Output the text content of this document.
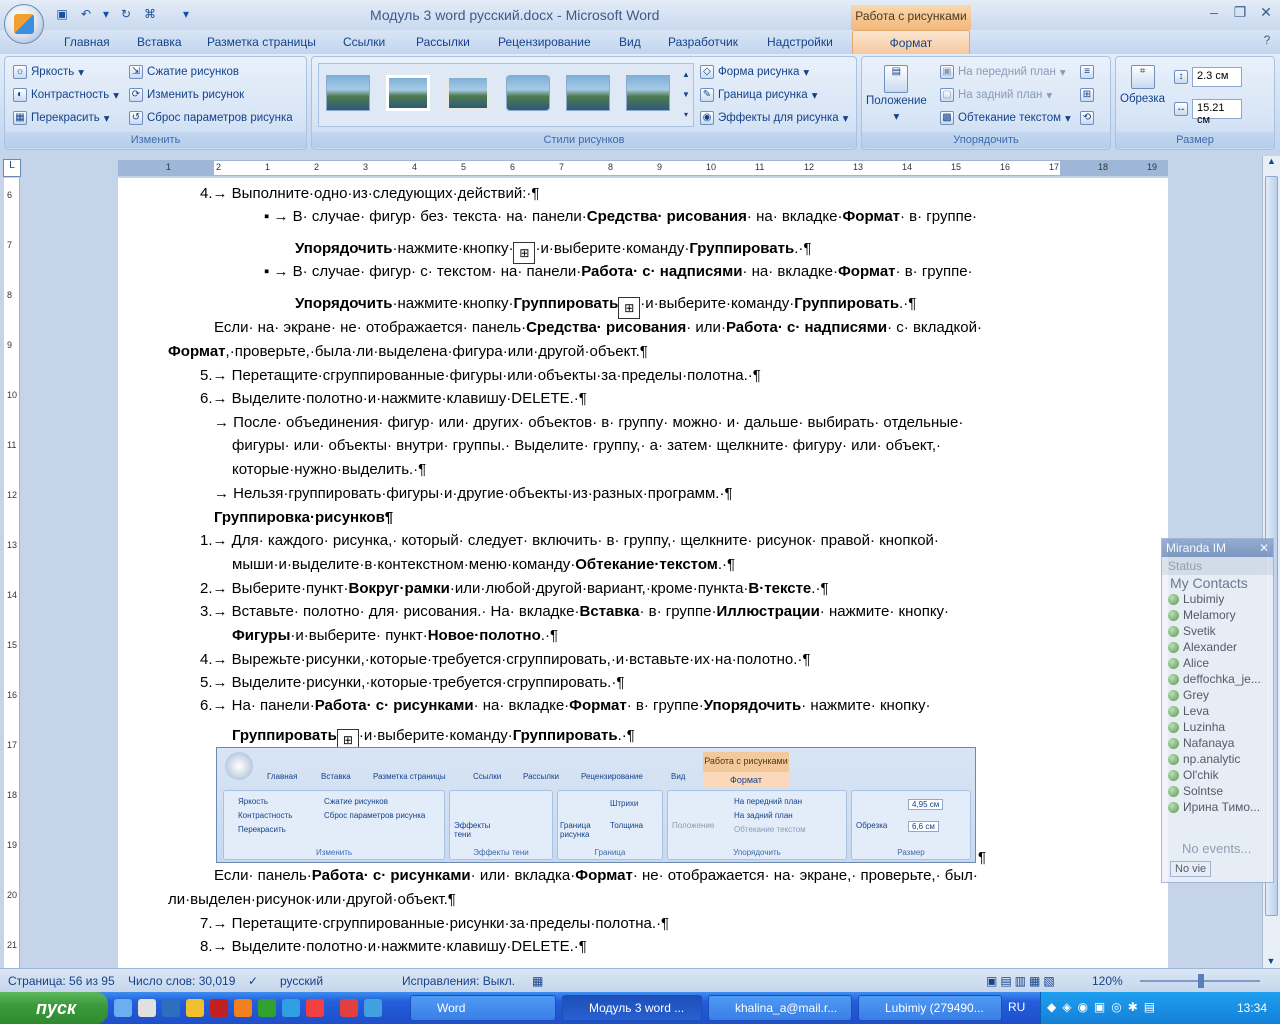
▣ ↶ ▾ ↻ ⌘	▾	Модуль 3 word русский.docx - Microsoft Word	Работа с рисунками	–	❐ ✕
Главная Вставка Разметка страницы Ссылки	Рассылки Рецензирование Вид Разработчик Надстройки	Формат	?
☼ Яркость ▾
◐ Контрастность ▾
▦ Перекрасить ▾
⇲ Сжатие рисунков
⟳ Изменить рисунок
↺ Сброс параметров рисунка
Изменить
▲
▼
▾
◇ Форма рисунка ▾
✎ Граница рисунка ▾
◉ Эффекты для рисунка ▾
Стили рисунков
▤
Положение
▾
▣ На передний план ▾
▢ На задний план ▾
▩ Обтекание текстом ▾
≡
⊞
⟲
Упорядочить
⌗
Обрезка
↕	2.3 см
↔	15.21 см
Размер
L	1	2	1	2	3	4	5	6	7	8	9	10	11	12	13	14	15	16	17	18	19
6
7
8
9
10
11
12
13
14
15
16
17
18
19
20
21
▲
▼
4.→ Выполните·одно·из·следующих·действий:·¶
▪ → В· случае· фигур· без· текста· на· панели·Средства· рисования· на· вкладке·Формат· в· группе·
Упорядочить·нажмите·кнопку· ⊞ ·и·выберите·команду·Группировать.·¶
▪ → В· случае· фигур· с· текстом· на· панели·Работа· с· надписями· на· вкладке·Формат· в· группе·
Упорядочить·нажмите·кнопку·Группировать ⊞ ·и·выберите·команду·Группировать.·¶
Если· на· экране· не· отображается· панель·Средства· рисования· или·Работа· с· надписями· с· вкладкой·
Формат,·проверьте,·была·ли·выделена·фигура·или·другой·объект.¶
5.→ Перетащите·сгруппированные·фигуры·или·объекты·за·пределы·полотна.·¶
6.→ Выделите·полотно·и·нажмите·клавишу·DELETE.·¶
→ После· объединения· фигур· или· других· объектов· в· группу· можно· и· дальше· выбирать· отдельные·
фигуры· или· объекты· внутри· группы.· Выделите· группу,· а· затем· щелкните· фигуру· или· объект,·
которые·нужно·выделить.·¶
→ Нельзя·группировать·фигуры·и·другие·объекты·из·разных·программ.·¶
Группировка·рисунков¶
1.→ Для· каждого· рисунка,· который· следует· включить· в· группу,· щелкните· рисунок· правой· кнопкой·
мыши·и·выделите·в·контекстном·меню·команду·Обтекание·текстом.·¶
2.→ Выберите·пункт·Вокруг·рамки·или·любой·другой·вариант,·кроме·пункта·В·тексте.·¶
3.→ Вставьте· полотно· для· рисования.· На· вкладке·Вставка· в· группе·Иллюстрации· нажмите· кнопку·
Фигуры·и·выберите· пункт·Новое·полотно.·¶
4.→ Вырежьте·рисунки,·которые·требуется·сгруппировать,·и·вставьте·их·на·полотно.·¶
5.→ Выделите·рисунки,·которые·требуется·сгруппировать.·¶
6.→ На· панели·Работа· с· рисунками· на· вкладке·Формат· в· группе·Упорядочить· нажмите· кнопку·
Группировать ⊞ ·и·выберите·команду·Группировать.·¶
Работа с рисунками
Главная	Вставка	Разметка страницы	Ссылки	Рассылки	Рецензирование	Вид	Формат
Яркость
Контрастность
Перекрасить
Сжатие рисунков
Сброс параметров рисунка
Изменить
Эффекты тени
Эффекты тени
Граница рисунка
Штрихи
Толщина
Граница
Положение
На передний план
На задний план
Обтекание текстом
Упорядочить
Обрезка
4,95 см
6,6 см
Размер	¶
Если· панель·Работа· с· рисунками· или· вкладка·Формат· не· отображается· на· экране,· проверьте,· был·
ли·выделен·рисунок·или·другой·объект.¶
7.→ Перетащите·сгруппированные·рисунки·за·пределы·полотна.·¶
8.→ Выделите·полотно·и·нажмите·клавишу·DELETE.·¶
Miranda IM	✕
Status
My Contacts
Lubimiy
Melamory
Svetik
Alexander
Alice
deffochka_je...
Grey
Leva
Luzinha
Nafanaya
np.analytic
Ol'chik
Solntse
Ирина Тимо...
No events...
No vie
Страница: 56 из 95 Число слов: 30,019 ✓ русский	Исправления: Выкл. ▦	▣▤▥▦▧	120%
пуск	Word	Модуль 3 word ...	khalina_a@mail.r...	Lubimiy (279490...	RU ◆◈◉▣◎✱▤	13:34
